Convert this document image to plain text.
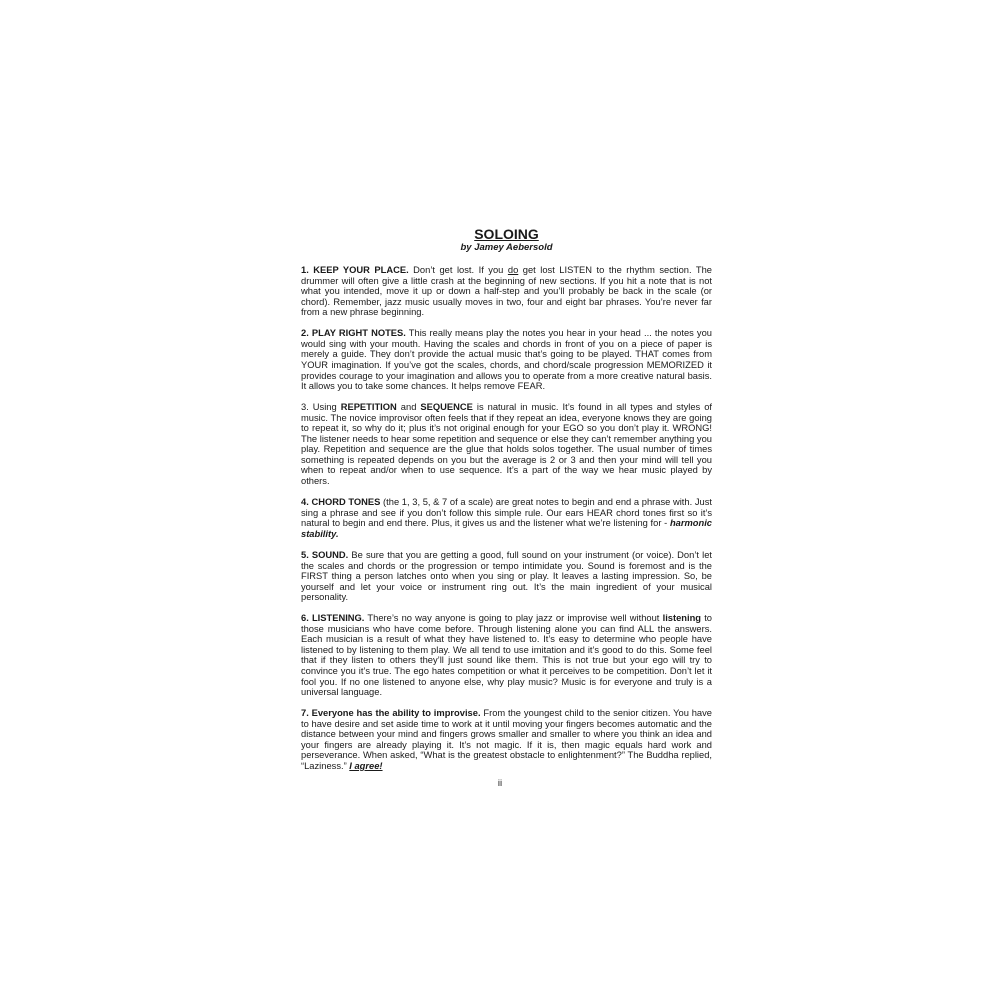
SOLOING
by Jamey Aebersold

1. KEEP YOUR PLACE. Don’t get lost. If you do get lost LISTEN to the rhythm section. The drummer will often give a little crash at the beginning of new sections. If you hit a note that is not what you intended, move it up or down a half-step and you’ll probably be back in the scale (or chord). Remember, jazz music usually moves in two, four and eight bar phrases. You’re never far from a new phrase beginning.

2. PLAY RIGHT NOTES. This really means play the notes you hear in your head ... the notes you would sing with your mouth. Having the scales and chords in front of you on a piece of paper is merely a guide. They don’t provide the actual music that’s going to be played. THAT comes from YOUR imagination. If you’ve got the scales, chords, and chord/scale progression MEMORIZED it provides courage to your imagination and allows you to operate from a more creative natural basis. It allows you to take some chances. It helps remove FEAR.

3. Using REPETITION and SEQUENCE is natural in music. It’s found in all types and styles of music. The novice improvisor often feels that if they repeat an idea, everyone knows they are going to repeat it, so why do it; plus it’s not original enough for your EGO so you don’t play it. WRONG! The listener needs to hear some repetition and sequence or else they can’t remember anything you play. Repetition and sequence are the glue that holds solos together. The usual number of times something is repeated depends on you but the average is 2 or 3 and then your mind will tell you when to repeat and/or when to use sequence. It’s a part of the way we hear music played by others.

4. CHORD TONES (the 1, 3, 5, & 7 of a scale) are great notes to begin and end a phrase with. Just sing a phrase and see if you don’t follow this simple rule. Our ears HEAR chord tones first so it’s natural to begin and end there. Plus, it gives us and the listener what we’re listening for - harmonic stability.

5. SOUND. Be sure that you are getting a good, full sound on your instrument (or voice). Don’t let the scales and chords or the progression or tempo intimidate you. Sound is foremost and is the FIRST thing a person latches onto when you sing or play. It leaves a lasting impression. So, be yourself and let your voice or instrument ring out. It’s the main ingredient of your musical personality.

6. LISTENING. There’s no way anyone is going to play jazz or improvise well without listening to those musicians who have come before. Through listening alone you can find ALL the answers. Each musician is a result of what they have listened to. It’s easy to determine who people have listened to by listening to them play. We all tend to use imitation and it’s good to do this. Some feel that if they listen to others they’ll just sound like them. This is not true but your ego will try to convince you it’s true. The ego hates competition or what it perceives to be competition. Don’t let it fool you. If no one listened to anyone else, why play music? Music is for everyone and truly is a universal language.

7. Everyone has the ability to improvise. From the youngest child to the senior citizen. You have to have desire and set aside time to work at it until moving your fingers becomes automatic and the distance between your mind and fingers grows smaller and smaller to where you think an idea and your fingers are already playing it. It’s not magic. If it is, then magic equals hard work and perseverance. When asked, “What is the greatest obstacle to enlightenment?” The Buddha replied, “Laziness.” I agree!

ii
